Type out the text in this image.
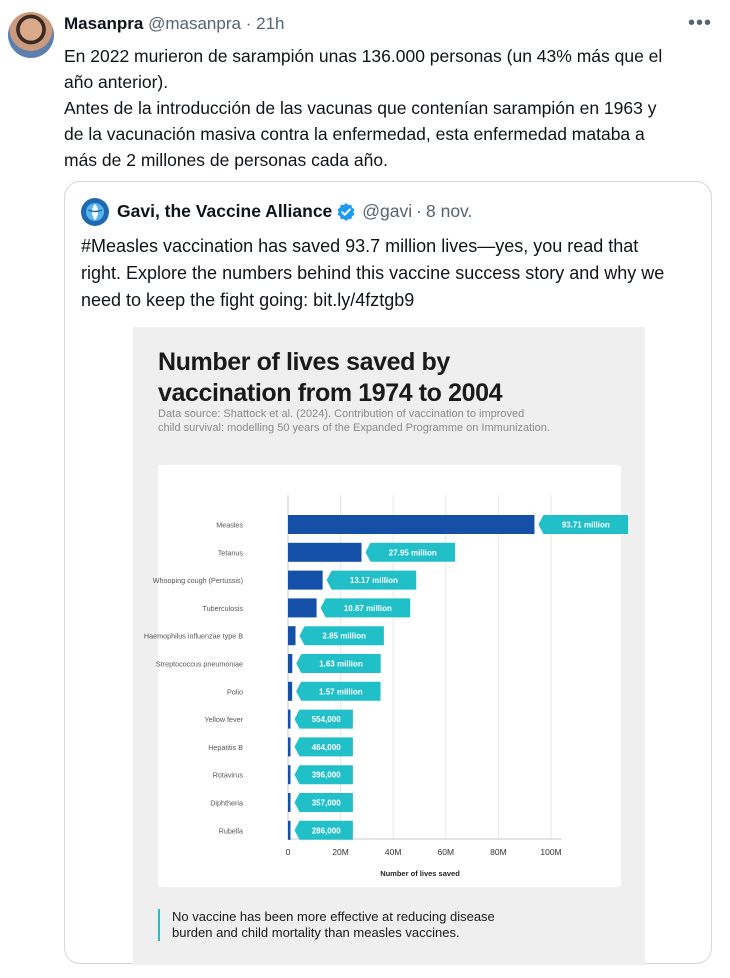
Masanpra @masanpra · 21h	•••
En 2022 murieron de sarampión unas 136.000 personas (un 43% más que el
año anterior).
Antes de la introducción de las vacunas que contenían sarampión en 1963 y
de la vacunación masiva contra la enfermedad, esta enfermedad mataba a
más de 2 millones de personas cada año.
Gavi, the Vaccine Alliance @gavi · 8 nov.
#Measles vaccination has saved 93.7 million lives—yes, you read that
right. Explore the numbers behind this vaccine success story and why we
need to keep the fight going: bit.ly/4fztgb9
Number of lives saved by
vaccination from 1974 to 2004
Data source: Shattock et al. (2024). Contribution of vaccination to improved
child survival: modelling 50 years of the Expanded Programme on Immunization.
Measles	93.71 million
Tetanus	27.95 million
Whooping cough (Pertussis)	13.17 million
Tuberculosis	10.87 million
Haemophilus influenzae type B	2.85 million
Streptococcus pneumoniae	1.63 million
Polio	1.57 million
Yellow fever	554,000
Hepatitis B	464,000
Rotavirus	396,000
Diphtheria	357,000
Rubella	286,000
0	20M	40M	60M	80M	100M
Number of lives saved
No vaccine has been more effective at reducing disease
burden and child mortality than measles vaccines.
